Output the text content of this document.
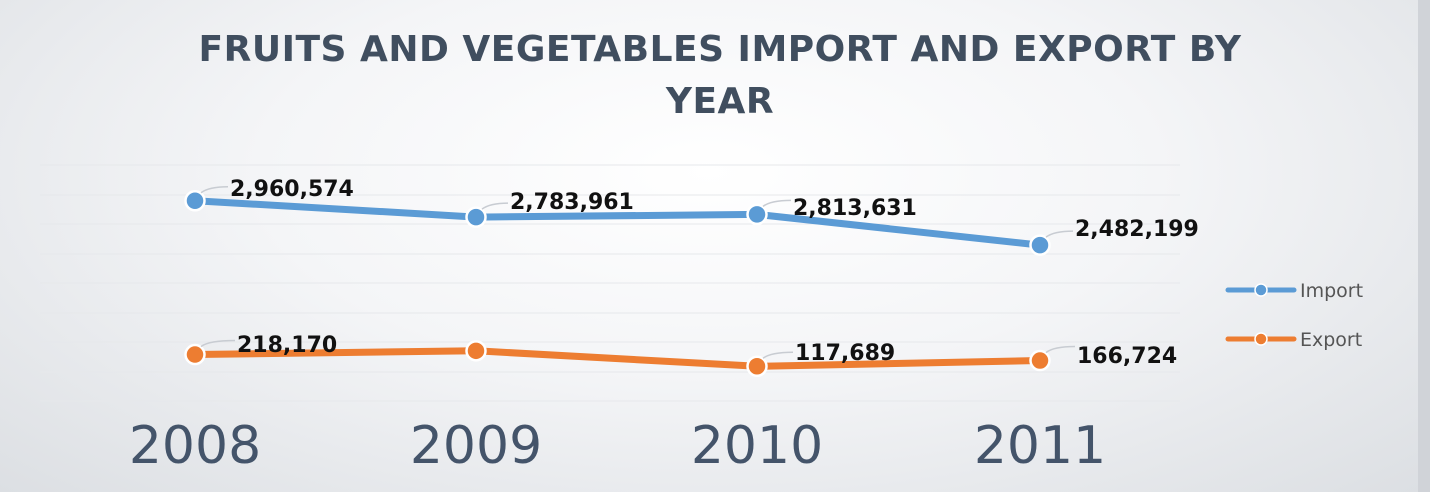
FRUITS AND VEGETABLES IMPORT AND EXPORT BY YEAR
2,960,574
2,783,961	2,813,631
2,482,199
218,170	117,689	166,724
2008	2009	2010	2011
Import
Export
